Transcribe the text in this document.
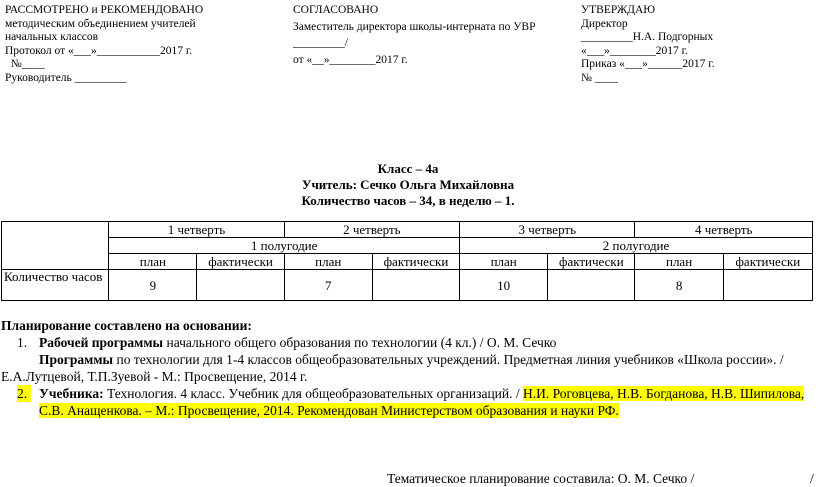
РАССМОТРЕНО и РЕКОМЕНДОВАНО
методическим объединением учителей
начальных классов
Протокол от «___»___________2017 г.
№____
Руководитель _________
СОГЛАСОВАНО
Заместитель директора школы-интерната по УВР
_________/
от «__»________2017 г.
УТВЕРЖДАЮ
Директор
_________Н.А. Подгорных
«___»________2017 г.
Приказ «___»______2017 г.
№ ____
Класс – 4а
Учитель: Сечко Ольга Михайловна
Количество часов – 34, в неделю – 1.
	1 четверть		2 четверть		3 четверть		4 четверть	
	1 полугодие				2 полугодие			
	план	фактически	план	фактически	план	фактически	план	фактически
Количество часов	9		7		10		8	
Планирование составлено на основании:
1. Рабочей программы начального общего образования по технологии (4 кл.) / О. М. Сечко
Программы по технологии для 1-4 классов общеобразовательных учреждений. Предметная линия учебников «Школа россии». /
Е.А.Лутцевой, Т.П.Зуевой - М.: Просвещение, 2014 г.
2. Учебника: Технология. 4 класс. Учебник для общеобразовательных организаций. / Н.И. Роговцева, Н.В. Богданова, Н.В. Шипилова,
С.В. Анащенкова. – М.: Просвещение, 2014. Рекомендован Министерством образования и науки РФ.
Тематическое планирование составила: О. М. Сечко /	/
